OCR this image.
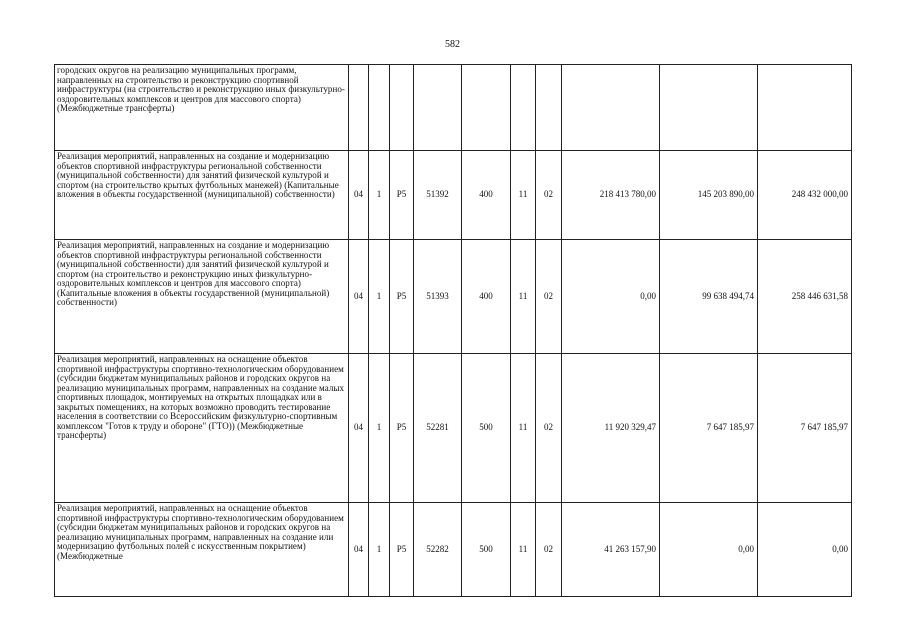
582
городских округов на реализацию муниципальных программ, направленных на строительство и реконструкцию спортивной инфраструктуры (на строительство и реконструкцию иных физкультурно-оздоровительных комплексов и центров для массового спорта) (Межбюджетные трансферты)										
Реализация мероприятий, направленных на создание и модернизацию объектов спортивной инфраструктуры региональной собственности (муниципальной собственности) для занятий физической культурой и спортом (на строительство крытых футбольных манежей) (Капитальные вложения в объекты государственной (муниципальной) собственности)	04	1	P5	51392	400	11	02	218 413 780,00	145 203 890,00	248 432 000,00
Реализация мероприятий, направленных на создание и модернизацию объектов спортивной инфраструктуры региональной собственности (муниципальной собственности) для занятий физической культурой и спортом (на строительство и реконструкцию иных физкультурно-оздоровительных комплексов и центров для массового спорта) (Капитальные вложения в объекты государственной (муниципальной) собственности)	04	1	P5	51393	400	11	02	0,00	99 638 494,74	258 446 631,58
Реализация мероприятий, направленных на оснащение объектов спортивной инфраструктуры спортивно-технологическим оборудованием (субсидии бюджетам муниципальных районов и городских округов на реализацию муниципальных программ, направленных на создание малых спортивных площадок, монтируемых на открытых площадках или в закрытых помещениях, на которых возможно проводить тестирование населения в соответствии со Всероссийским физкультурно-спортивным комплексом "Готов к труду и обороне" (ГТО)) (Межбюджетные трансферты)	04	1	P5	52281	500	11	02	11 920 329,47	7 647 185,97	7 647 185,97
Реализация мероприятий, направленных на оснащение объектов спортивной инфраструктуры спортивно-технологическим оборудованием (субсидии бюджетам муниципальных районов и городских округов на реализацию муниципальных программ, направленных на создание или модернизацию футбольных полей с искусственным покрытием) (Межбюджетные	04	1	P5	52282	500	11	02	41 263 157,90	0,00	0,00
